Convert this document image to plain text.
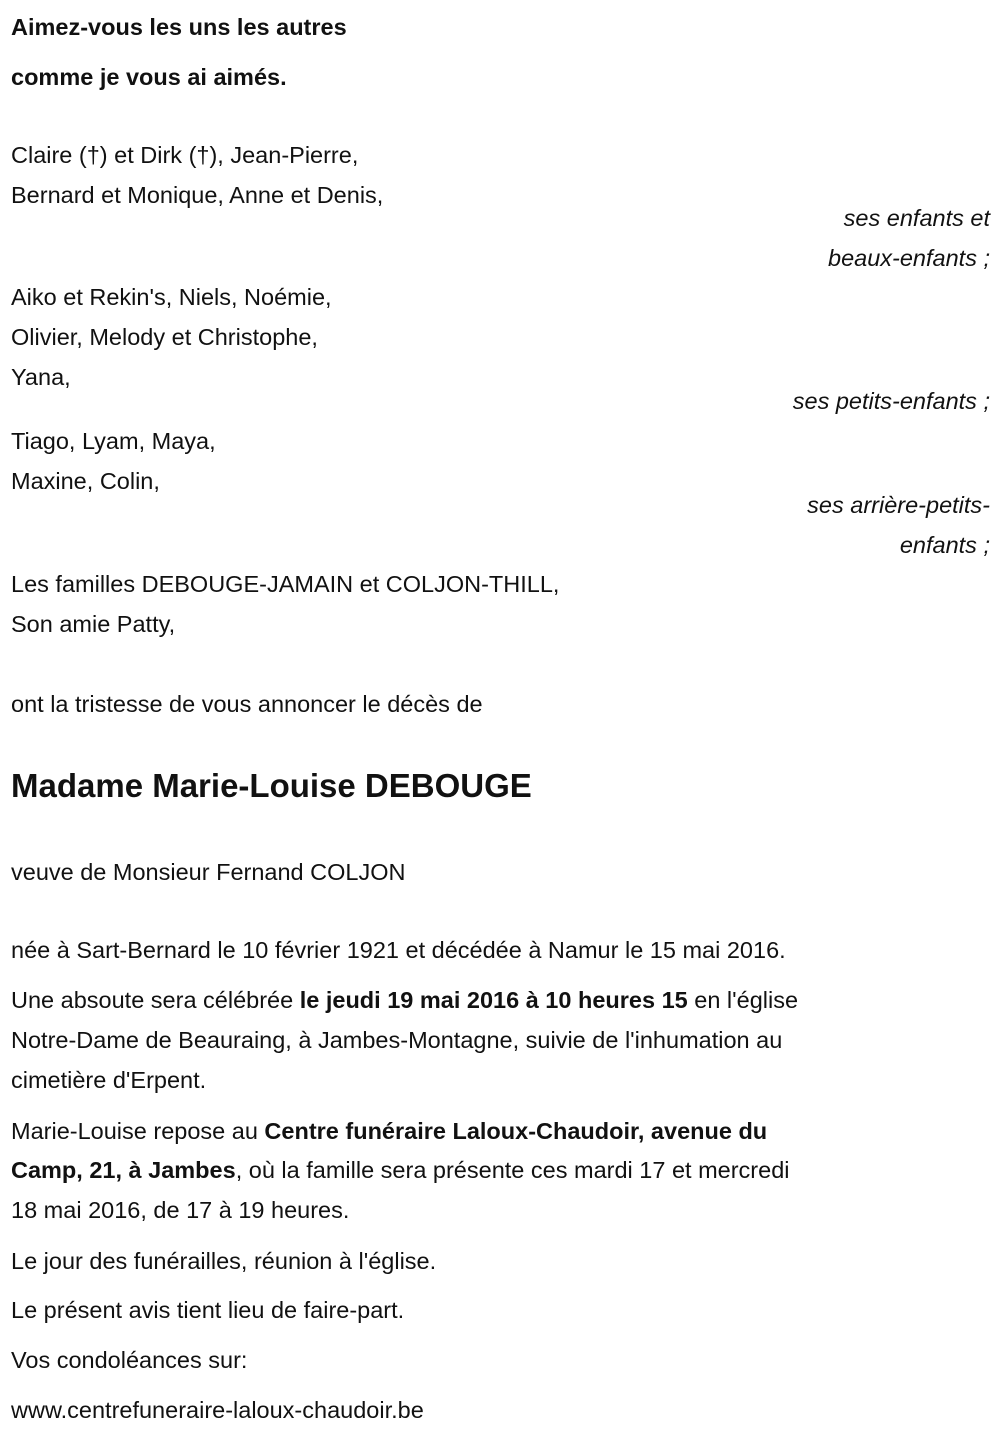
Aimez-vous les uns les autres
comme je vous ai aimés.
Claire (†) et Dirk (†), Jean-Pierre,
Bernard et Monique, Anne et Denis,
ses enfants et
beaux-enfants ;
Aiko et Rekin's, Niels, Noémie,
Olivier, Melody et Christophe,
Yana,
ses petits-enfants ;
Tiago, Lyam, Maya,
Maxine, Colin,
ses arrière-petits-
enfants ;
Les familles DEBOUGE-JAMAIN et COLJON-THILL,
Son amie Patty,
ont la tristesse de vous annoncer le décès de
Madame Marie-Louise DEBOUGE
veuve de Monsieur Fernand COLJON
née à Sart-Bernard le 10 février 1921 et décédée à Namur le 15 mai 2016.
Une absoute sera célébrée le jeudi 19 mai 2016 à 10 heures 15 en l'église
Notre-Dame de Beauraing, à Jambes-Montagne, suivie de l'inhumation au
cimetière d'Erpent.
Marie-Louise repose au Centre funéraire Laloux-Chaudoir, avenue du
Camp, 21, à Jambes, où la famille sera présente ces mardi 17 et mercredi
18 mai 2016, de 17 à 19 heures.
Le jour des funérailles, réunion à l'église.
Le présent avis tient lieu de faire-part.
Vos condoléances sur:
www.centrefuneraire-laloux-chaudoir.be
